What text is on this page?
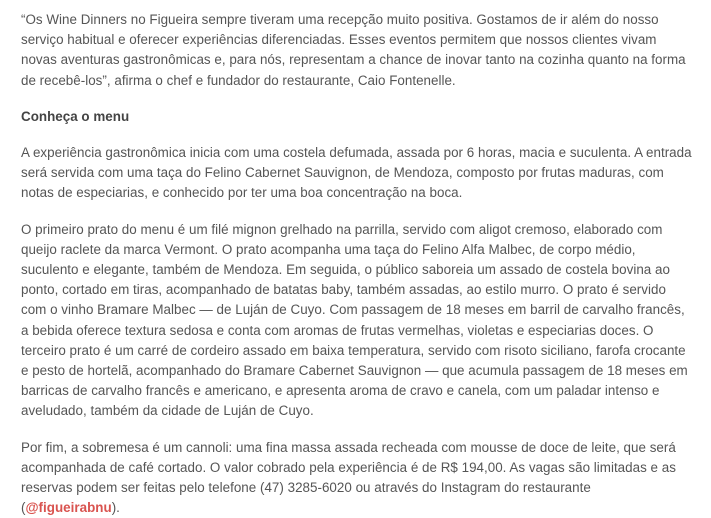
“Os Wine Dinners no Figueira sempre tiveram uma recepção muito positiva. Gostamos de ir além do nosso serviço habitual e oferecer experiências diferenciadas. Esses eventos permitem que nossos clientes vivam novas aventuras gastronômicas e, para nós, representam a chance de inovar tanto na cozinha quanto na forma de recebê-los”, afirma o chef e fundador do restaurante, Caio Fontenelle.

Conheça o menu

A experiência gastronômica inicia com uma costela defumada, assada por 6 horas, macia e suculenta. A entrada será servida com uma taça do Felino Cabernet Sauvignon, de Mendoza, composto por frutas maduras, com notas de especiarias, e conhecido por ter uma boa concentração na boca.

O primeiro prato do menu é um filé mignon grelhado na parrilla, servido com aligot cremoso, elaborado com queijo raclete da marca Vermont. O prato acompanha uma taça do Felino Alfa Malbec, de corpo médio, suculento e elegante, também de Mendoza. Em seguida, o público saboreia um assado de costela bovina ao ponto, cortado em tiras, acompanhado de batatas baby, também assadas, ao estilo murro. O prato é servido com o vinho Bramare Malbec — de Luján de Cuyo. Com passagem de 18 meses em barril de carvalho francês, a bebida oferece textura sedosa e conta com aromas de frutas vermelhas, violetas e especiarias doces. O terceiro prato é um carré de cordeiro assado em baixa temperatura, servido com risoto siciliano, farofa crocante e pesto de hortelã, acompanhado do Bramare Cabernet Sauvignon — que acumula passagem de 18 meses em barricas de carvalho francês e americano, e apresenta aroma de cravo e canela, com um paladar intenso e aveludado, também da cidade de Luján de Cuyo.

Por fim, a sobremesa é um cannoli: uma fina massa assada recheada com mousse de doce de leite, que será acompanhada de café cortado. O valor cobrado pela experiência é de R$ 194,00. As vagas são limitadas e as reservas podem ser feitas pelo telefone (47) 3285-6020 ou através do Instagram do restaurante (@figueirabnu).
